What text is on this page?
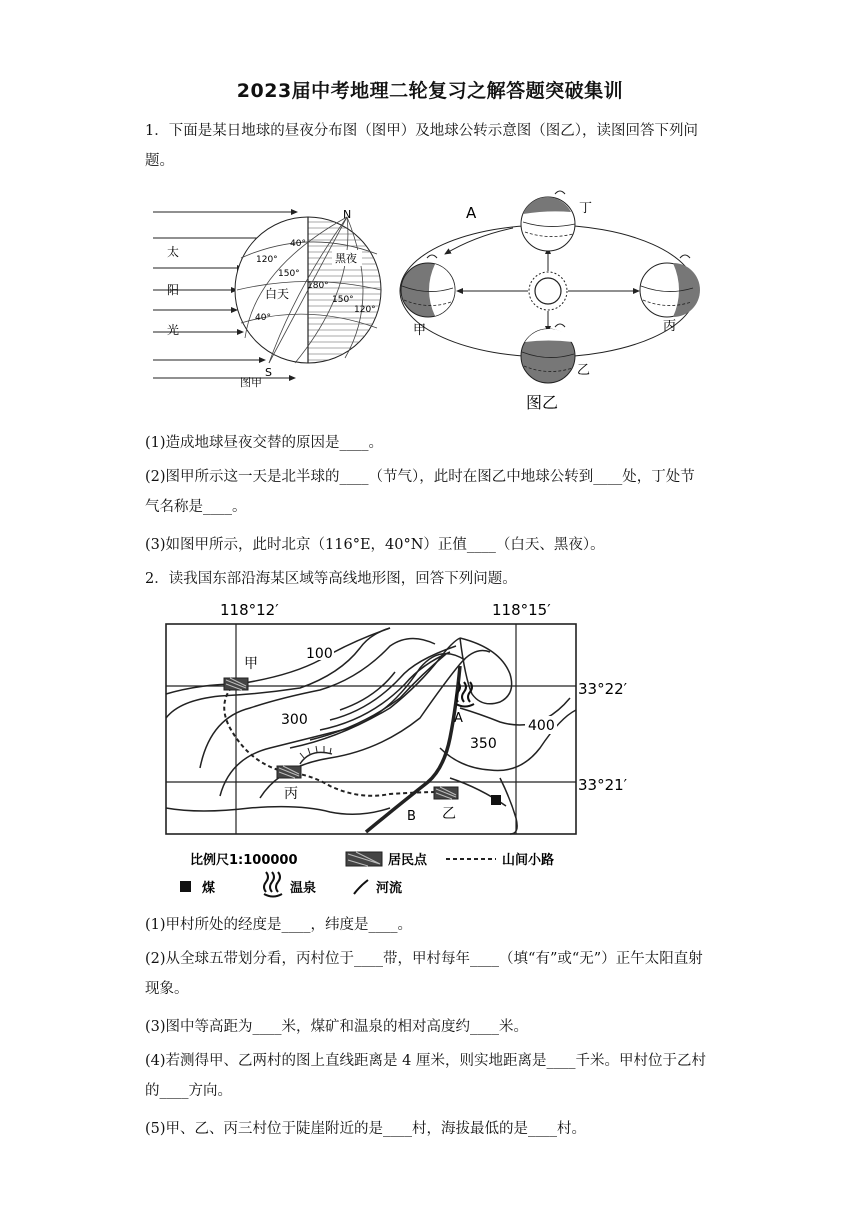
2023届中考地理二轮复习之解答题突破集训
1．下面是某日地球的昼夜分布图（图甲）及地球公转示意图（图乙），读图回答下列问
题。
太
阳
光
N
S
40°
40°
120°
150°
180°
150°
120°
白天
黑夜
图甲
A	丁
甲	丙
乙
图乙
(1)造成地球昼夜交替的原因是____。
(2)图甲所示这一天是北半球的____（节气），此时在图乙中地球公转到____处，丁处节
气名称是____。
(3)如图甲所示，此时北京（116°E，40°N）正值____（白天、黑夜）。
2．读我国东部沿海某区域等高线地形图，回答下列问题。
118°12′	118°15′
33°22′
33°21′
甲
丙
乙
100
300	400
350
A
B
比例尺1:100000	居民点	山间小路
煤	温泉	河流
(1)甲村所处的经度是____，纬度是____。
(2)从全球五带划分看，丙村位于____带，甲村每年____（填“有”或“无”）正午太阳直射
现象。
(3)图中等高距为____米，煤矿和温泉的相对高度约____米。
(4)若测得甲、乙两村的图上直线距离是 4 厘米，则实地距离是____千米。甲村位于乙村
的____方向。
(5)甲、乙、丙三村位于陡崖附近的是____村，海拔最低的是____村。
